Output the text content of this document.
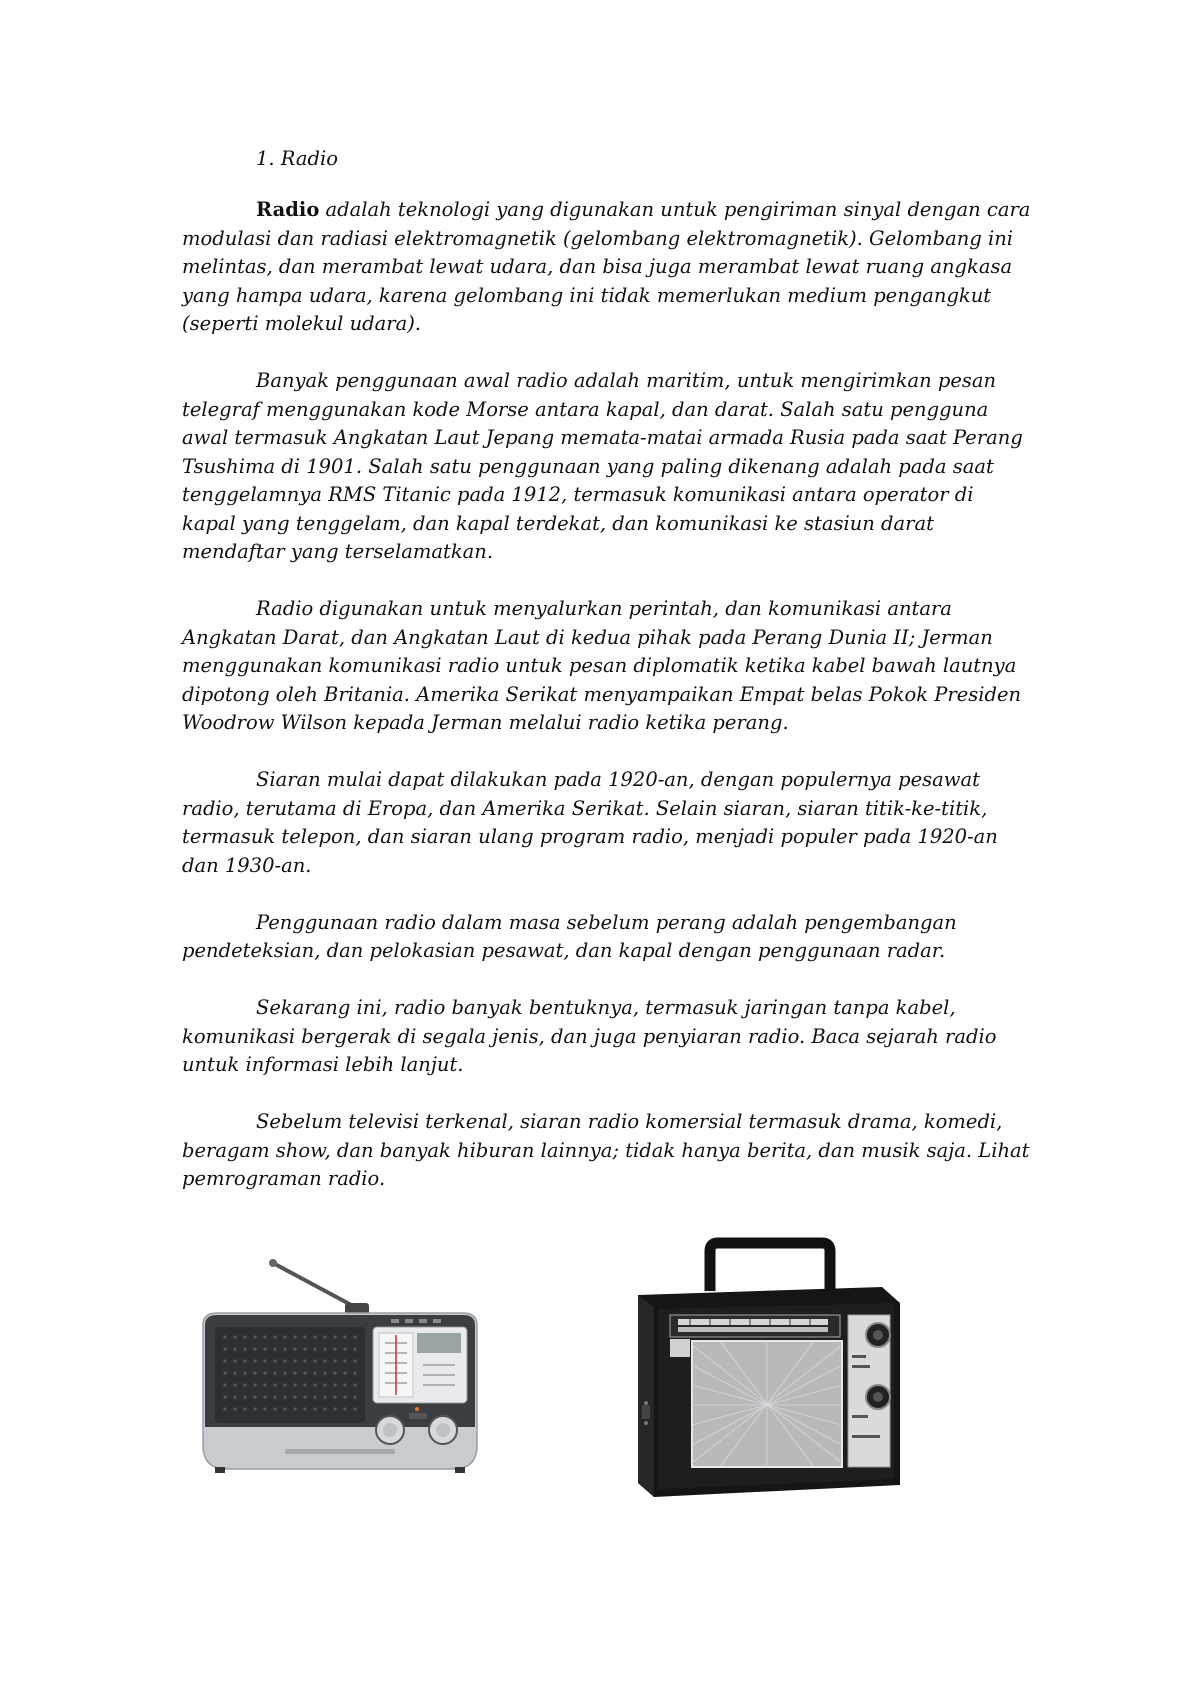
1. Radio

Radio adalah teknologi yang digunakan untuk pengiriman sinyal dengan cara modulasi dan radiasi elektromagnetik (gelombang elektromagnetik). Gelombang ini melintas, dan merambat lewat udara, dan bisa juga merambat lewat ruang angkasa yang hampa udara, karena gelombang ini tidak memerlukan medium pengangkut (seperti molekul udara).

Banyak penggunaan awal radio adalah maritim, untuk mengirimkan pesan telegraf menggunakan kode Morse antara kapal, dan darat. Salah satu pengguna awal termasuk Angkatan Laut Jepang memata-matai armada Rusia pada saat Perang Tsushima di 1901. Salah satu penggunaan yang paling dikenang adalah pada saat tenggelamnya RMS Titanic pada 1912, termasuk komunikasi antara operator di kapal yang tenggelam, dan kapal terdekat, dan komunikasi ke stasiun darat mendaftar yang terselamatkan.

Radio digunakan untuk menyalurkan perintah, dan komunikasi antara Angkatan Darat, dan Angkatan Laut di kedua pihak pada Perang Dunia II; Jerman menggunakan komunikasi radio untuk pesan diplomatik ketika kabel bawah lautnya dipotong oleh Britania. Amerika Serikat menyampaikan Empat belas Pokok Presiden Woodrow Wilson kepada Jerman melalui radio ketika perang.

Siaran mulai dapat dilakukan pada 1920-an, dengan populernya pesawat radio, terutama di Eropa, dan Amerika Serikat. Selain siaran, siaran titik-ke-titik, termasuk telepon, dan siaran ulang program radio, menjadi populer pada 1920-an dan 1930-an.

Penggunaan radio dalam masa sebelum perang adalah pengembangan pendeteksian, dan pelokasian pesawat, dan kapal dengan penggunaan radar.

Sekarang ini, radio banyak bentuknya, termasuk jaringan tanpa kabel, komunikasi bergerak di segala jenis, dan juga penyiaran radio. Baca sejarah radio untuk informasi lebih lanjut.

Sebelum televisi terkenal, siaran radio komersial termasuk drama, komedi, beragam show, dan banyak hiburan lainnya; tidak hanya berita, dan musik saja. Lihat pemrograman radio.
